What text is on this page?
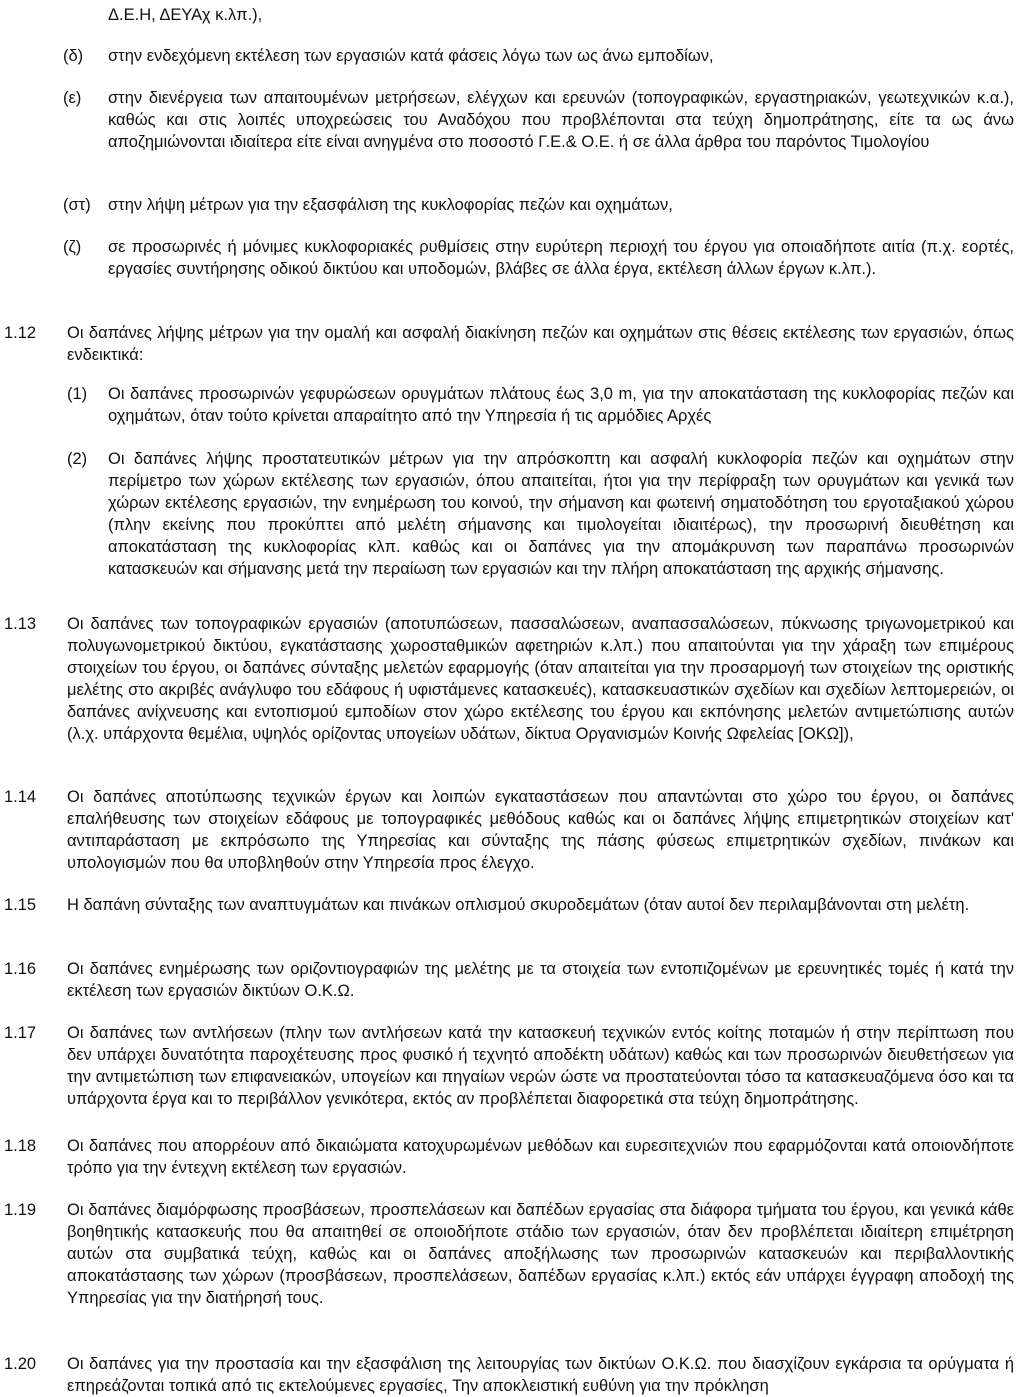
Δ.Ε.Η, ΔΕΥΑχ κ.λπ.),
(δ) στην ενδεχόμενη εκτέλεση των εργασιών κατά φάσεις λόγω των ως άνω εμποδίων,
(ε) στην διενέργεια των απαιτουμένων μετρήσεων, ελέγχων και ερευνών (τοπογραφικών, εργαστηριακών, γεωτεχνικών κ.α.), καθώς και στις λοιπές υποχρεώσεις του Αναδόχου που προβλέπονται στα τεύχη δημοπράτησης, είτε τα ως άνω αποζημιώνονται ιδιαίτερα είτε είναι ανηγμένα στο ποσοστό Γ.Ε.& Ο.Ε. ή σε άλλα άρθρα του παρόντος Τιμολογίου
(στ) στην λήψη μέτρων για την εξασφάλιση της κυκλοφορίας πεζών και οχημάτων,
(ζ) σε προσωρινές ή μόνιμες κυκλοφοριακές ρυθμίσεις στην ευρύτερη περιοχή του έργου για οποιαδήποτε αιτία (π.χ. εορτές, εργασίες συντήρησης οδικού δικτύου και υποδομών, βλάβες σε άλλα έργα, εκτέλεση άλλων έργων κ.λπ.).
1.12 Οι δαπάνες λήψης μέτρων για την ομαλή και ασφαλή διακίνηση πεζών και οχημάτων στις θέσεις εκτέλεσης των εργασιών, όπως ενδεικτικά:
(1) Οι δαπάνες προσωρινών γεφυρώσεων ορυγμάτων πλάτους έως 3,0 m, για την αποκατάσταση της κυκλοφορίας πεζών και οχημάτων, όταν τούτο κρίνεται απαραίτητο από την Υπηρεσία ή τις αρμόδιες Αρχές
(2) Οι δαπάνες λήψης προστατευτικών μέτρων για την απρόσκοπτη και ασφαλή κυκλοφορία πεζών και οχημάτων στην περίμετρο των χώρων εκτέλεσης των εργασιών, όπου απαιτείται, ήτοι για την περίφραξη των ορυγμάτων και γενικά των χώρων εκτέλεσης εργασιών, την ενημέρωση του κοινού, την σήμανση και φωτεινή σηματοδότηση του εργοταξιακού χώρου (πλην εκείνης που προκύπτει από μελέτη σήμανσης και τιμολογείται ιδιαιτέρως), την προσωρινή διευθέτηση και αποκατάσταση της κυκλοφορίας κλπ. καθώς και οι δαπάνες για την απομάκρυνση των παραπάνω προσωρινών κατασκευών και σήμανσης μετά την περαίωση των εργασιών και την πλήρη αποκατάσταση της αρχικής σήμανσης.
1.13 Οι δαπάνες των τοπογραφικών εργασιών (αποτυπώσεων, πασσαλώσεων, αναπασσαλώσεων, πύκνωσης τριγωνομετρικού και πολυγωνομετρικού δικτύου, εγκατάστασης χωροσταθμικών αφετηριών κ.λπ.) που απαιτούνται για την χάραξη των επιμέρους στοιχείων του έργου, οι δαπάνες σύνταξης μελετών εφαρμογής (όταν απαιτείται για την προσαρμογή των στοιχείων της οριστικής μελέτης στο ακριβές ανάγλυφο του εδάφους ή υφιστάμενες κατασκευές), κατασκευαστικών σχεδίων και σχεδίων λεπτομερειών, οι δαπάνες ανίχνευσης και εντοπισμού εμποδίων στον χώρο εκτέλεσης του έργου και εκπόνησης μελετών αντιμετώπισης αυτών (λ.χ. υπάρχοντα θεμέλια, υψηλός ορίζοντας υπογείων υδάτων, δίκτυα Οργανισμών Κοινής Ωφελείας [ΟΚΩ]),
1.14 Οι δαπάνες αποτύπωσης τεχνικών έργων και λοιπών εγκαταστάσεων που απαντώνται στο χώρο του έργου, οι δαπάνες επαλήθευσης των στοιχείων εδάφους με τοπογραφικές μεθόδους καθώς και οι δαπάνες λήψης επιμετρητικών στοιχείων κατ' αντιπαράσταση με εκπρόσωπο της Υπηρεσίας και σύνταξης της πάσης φύσεως επιμετρητικών σχεδίων, πινάκων και υπολογισμών που θα υποβληθούν στην Υπηρεσία προς έλεγχο.
1.15 Η δαπάνη σύνταξης των αναπτυγμάτων και πινάκων οπλισμού σκυροδεμάτων (όταν αυτοί δεν περιλαμβάνονται στη μελέτη.
1.16 Οι δαπάνες ενημέρωσης των οριζοντιογραφιών της μελέτης με τα στοιχεία των εντοπιζομένων με ερευνητικές τομές ή κατά την εκτέλεση των εργασιών δικτύων Ο.Κ.Ω.
1.17 Οι δαπάνες των αντλήσεων (πλην των αντλήσεων κατά την κατασκευή τεχνικών εντός κοίτης ποταμών ή στην περίπτωση που δεν υπάρχει δυνατότητα παροχέτευσης προς φυσικό ή τεχνητό αποδέκτη υδάτων) καθώς και των προσωρινών διευθετήσεων για την αντιμετώπιση των επιφανειακών, υπογείων και πηγαίων νερών ώστε να προστατεύονται τόσο τα κατασκευαζόμενα όσο και τα υπάρχοντα έργα και το περιβάλλον γενικότερα, εκτός αν προβλέπεται διαφορετικά στα τεύχη δημοπράτησης.
1.18 Οι δαπάνες που απορρέουν από δικαιώματα κατοχυρωμένων μεθόδων και ευρεσιτεχνιών που εφαρμόζονται κατά οποιονδήποτε τρόπο για την έντεχνη εκτέλεση των εργασιών.
1.19 Οι δαπάνες διαμόρφωσης προσβάσεων, προσπελάσεων και δαπέδων εργασίας στα διάφορα τμήματα του έργου, και γενικά κάθε βοηθητικής κατασκευής που θα απαιτηθεί σε οποιοδήποτε στάδιο των εργασιών, όταν δεν προβλέπεται ιδιαίτερη επιμέτρηση αυτών στα συμβατικά τεύχη, καθώς και οι δαπάνες αποξήλωσης των προσωρινών κατασκευών και περιβαλλοντικής αποκατάστασης των χώρων (προσβάσεων, προσπελάσεων, δαπέδων εργασίας κ.λπ.) εκτός εάν υπάρχει έγγραφη αποδοχή της Υπηρεσίας για την διατήρησή τους.
1.20 Οι δαπάνες για την προστασία και την εξασφάλιση της λειτουργίας των δικτύων Ο.Κ.Ω. που διασχίζουν εγκάρσια τα ορύγματα ή επηρεάζονται τοπικά από τις εκτελούμενες εργασίες, Την αποκλειστική ευθύνη για την πρόκληση
